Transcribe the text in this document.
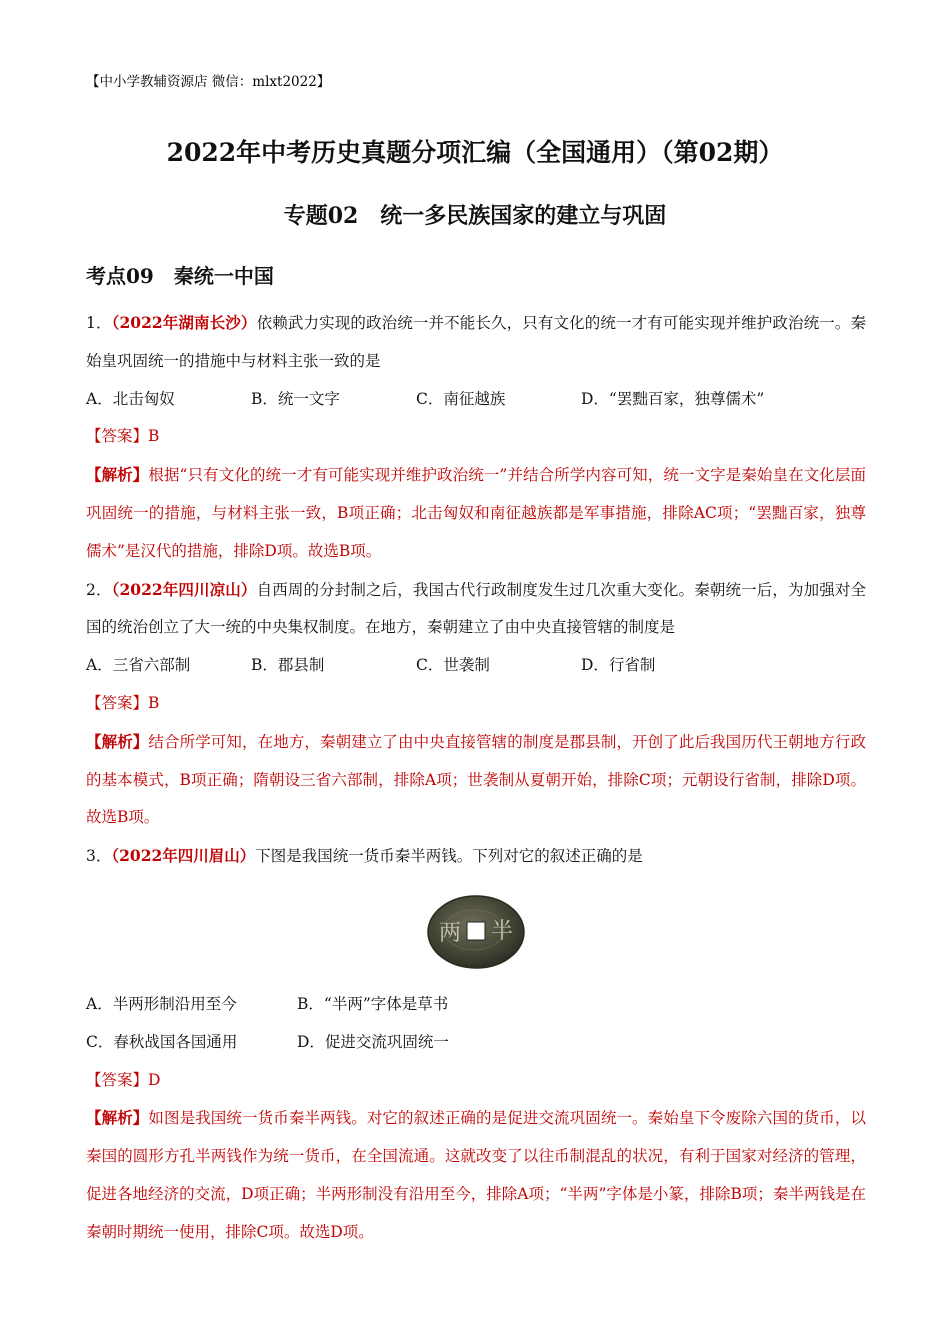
【中小学教辅资源店 微信：mlxt2022】
2022年中考历史真题分项汇编（全国通用）（第02期）
专题02　统一多民族国家的建立与巩固
考点09　秦统一中国

1．（2022年湖南长沙）依赖武力实现的政治统一并不能长久，只有文化的统一才有可能实现并维护政治统一。秦始皇巩固统一的措施中与材料主张一致的是

A．北击匈奴	B．统一文字	C．南征越族	D．“罢黜百家，独尊儒术”

【答案】B

【解析】根据“只有文化的统一才有可能实现并维护政治统一”并结合所学内容可知，统一文字是秦始皇在文化层面巩固统一的措施，与材料主张一致，B项正确；北击匈奴和南征越族都是军事措施，排除AC项；“罢黜百家，独尊儒术”是汉代的措施，排除D项。故选B项。

2．（2022年四川凉山）自西周的分封制之后，我国古代行政制度发生过几次重大变化。秦朝统一后，为加强对全国的统治创立了大一统的中央集权制度。在地方，秦朝建立了由中央直接管辖的制度是

A．三省六部制	B．郡县制	C．世袭制	D．行省制

【答案】B

【解析】结合所学可知，在地方，秦朝建立了由中央直接管辖的制度是郡县制，开创了此后我国历代王朝地方行政的基本模式，B项正确；隋朝设三省六部制，排除A项；世袭制从夏朝开始，排除C项；元朝设行省制，排除D项。故选B项。

3．（2022年四川眉山）下图是我国统一货币秦半两钱。下列对它的叙述正确的是

半
两
A．半两形制沿用至今	B．“半两”字体是草书
C．春秋战国各国通用	D．促进交流巩固统一

【答案】D

【解析】如图是我国统一货币秦半两钱。对它的叙述正确的是促进交流巩固统一。秦始皇下令废除六国的货币，以秦国的圆形方孔半两钱作为统一货币，在全国流通。这就改变了以往币制混乱的状况，有利于国家对经济的管理，促进各地经济的交流，D项正确；半两形制没有沿用至今，排除A项；“半两”字体是小篆，排除B项；秦半两钱是在秦朝时期统一使用，排除C项。故选D项。
